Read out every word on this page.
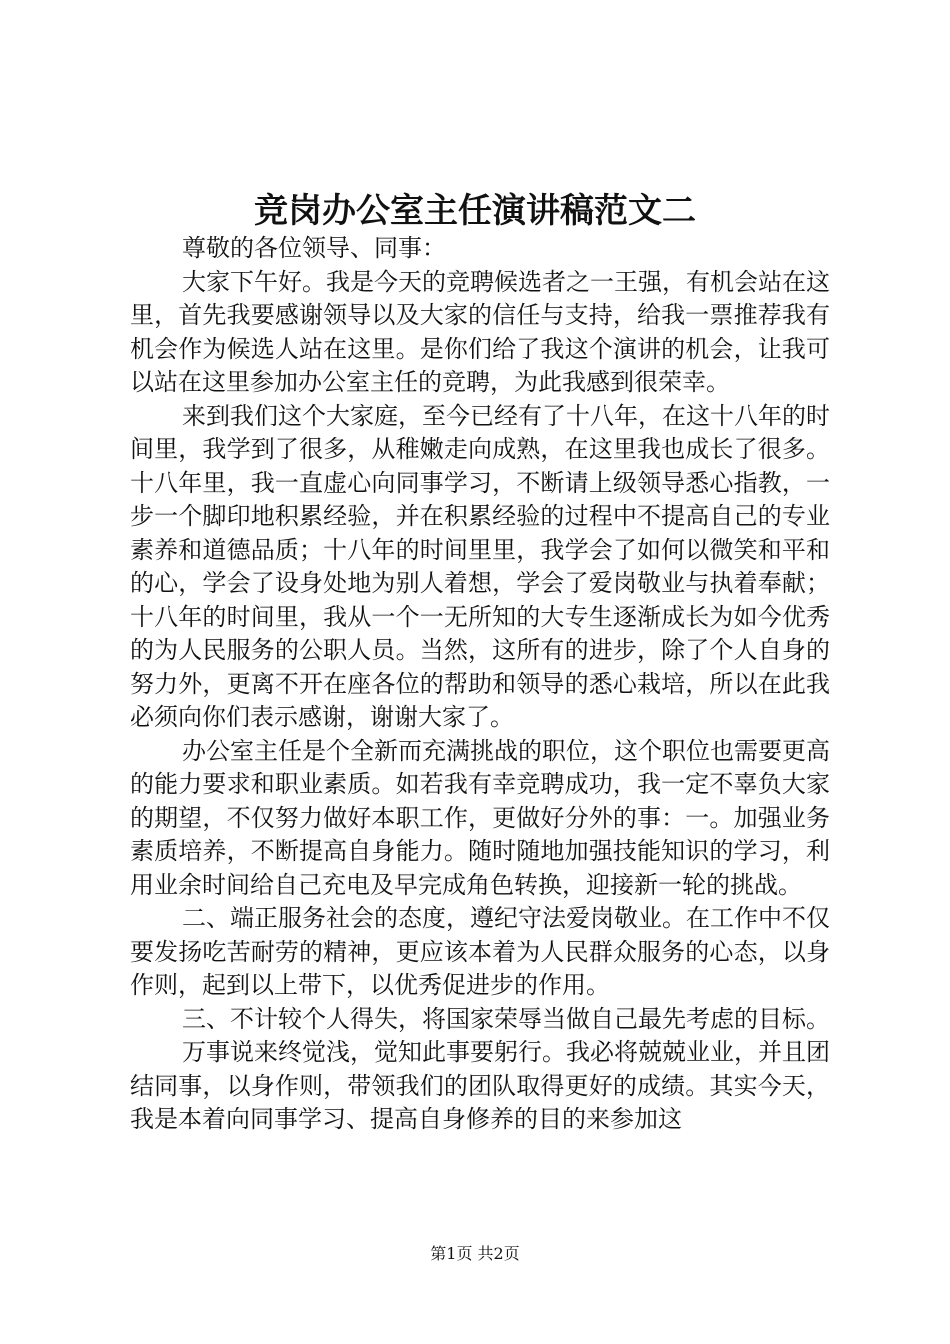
竞岗办公室主任演讲稿范文二

尊敬的各位领导、同事：

大家下午好。我是今天的竞聘候选者之一王强，有机会站在这里，首先我要感谢领导以及大家的信任与支持，给我一票推荐我有机会作为候选人站在这里。是你们给了我这个演讲的机会，让我可以站在这里参加办公室主任的竞聘，为此我感到很荣幸。

来到我们这个大家庭，至今已经有了十八年，在这十八年的时间里，我学到了很多，从稚嫩走向成熟，在这里我也成长了很多。十八年里，我一直虚心向同事学习，不断请上级领导悉心指教，一步一个脚印地积累经验，并在积累经验的过程中不提高自己的专业素养和道德品质；十八年的时间里里，我学会了如何以微笑和平和的心，学会了设身处地为别人着想，学会了爱岗敬业与执着奉献；十八年的时间里，我从一个一无所知的大专生逐渐成长为如今优秀的为人民服务的公职人员。当然，这所有的进步，除了个人自身的努力外，更离不开在座各位的帮助和领导的悉心栽培，所以在此我必须向你们表示感谢，谢谢大家了。

办公室主任是个全新而充满挑战的职位，这个职位也需要更高的能力要求和职业素质。如若我有幸竞聘成功，我一定不辜负大家的期望，不仅努力做好本职工作，更做好分外的事：一。加强业务素质培养，不断提高自身能力。随时随地加强技能知识的学习，利用业余时间给自己充电及早完成角色转换，迎接新一轮的挑战。

二、端正服务社会的态度，遵纪守法爱岗敬业。在工作中不仅要发扬吃苦耐劳的精神，更应该本着为人民群众服务的心态，以身作则，起到以上带下，以优秀促进步的作用。

三、不计较个人得失，将国家荣辱当做自己最先考虑的目标。

万事说来终觉浅，觉知此事要躬行。我必将兢兢业业，并且团结同事，以身作则，带领我们的团队取得更好的成绩。其实今天，我是本着向同事学习、提高自身修养的目的来参加这

第1页 共2页
